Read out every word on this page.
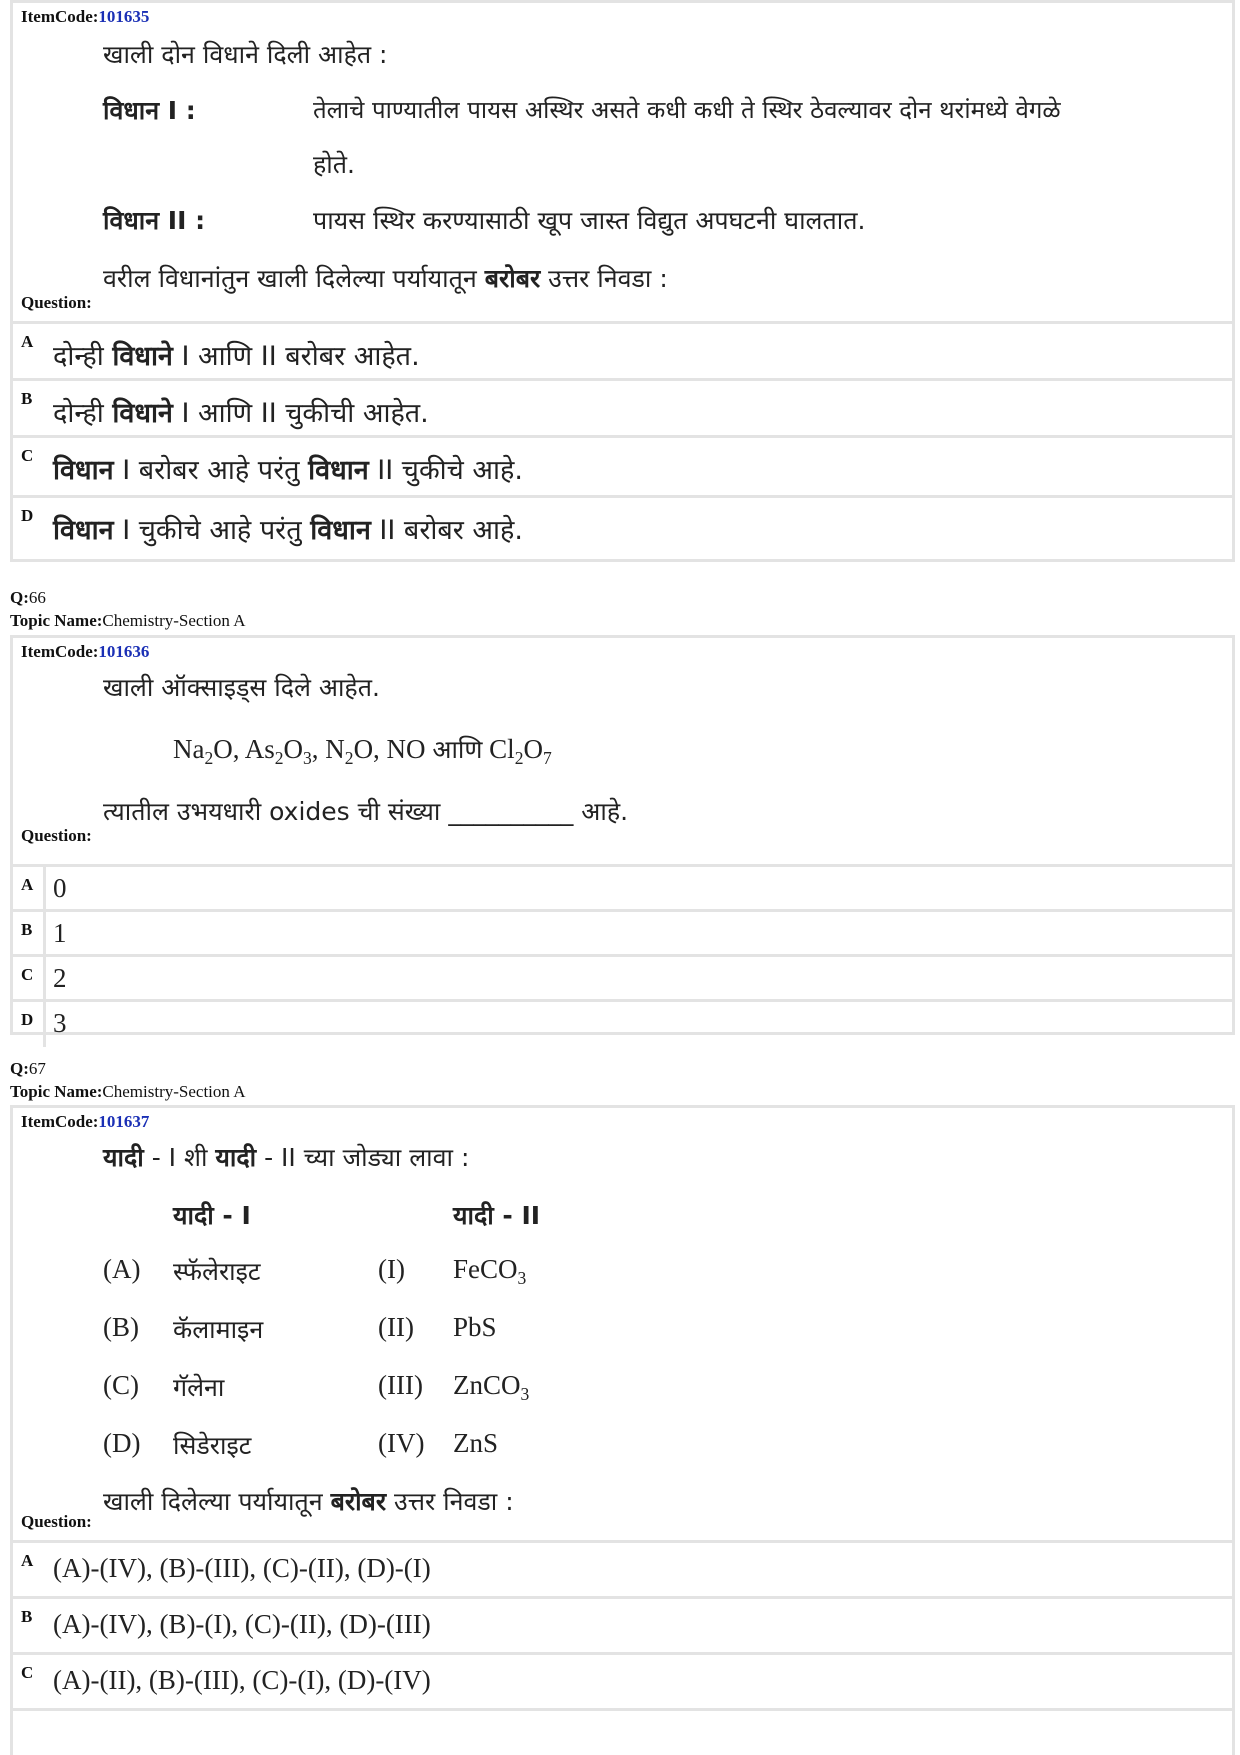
ItemCode:101635
खाली दोन विधाने दिली आहेत :
विधान I :	तेलाचे पाण्यातील पायस अस्थिर असते कधी कधी ते स्थिर ठेवल्यावर दोन थरांमध्ये वेगळे
होते.
विधान II :	पायस स्थिर करण्यासाठी खूप जास्त विद्युत अपघटनी घालतात.
वरील विधानांतुन खाली दिलेल्या पर्यायातून बरोबर उत्तर निवडा :
Question:
A दोन्ही विधाने I आणि II बरोबर आहेत.
B दोन्ही विधाने I आणि II चुकीची आहेत.
C विधान I बरोबर आहे परंतु विधान II चुकीचे आहे.
D विधान I चुकीचे आहे परंतु विधान II बरोबर आहे.
Q:66
Topic Name:Chemistry-Section A
ItemCode:101636
खाली ऑक्साइड्स दिले आहेत.
$Na_2O$, $As_2O_3$, $N_2O$, NO आणि $Cl_2O_7$
त्यातील उभयधारी oxides ची संख्या __________ आहे.
Question:
A 0
B 1
C 2
D 3
Q:67
Topic Name:Chemistry-Section A
ItemCode:101637
यादी - I शी यादी - II च्या जोड्या लावा :
यादी - I	यादी - II
(A) स्फॅलेराइट	(I) FeCO$_3$
(B) कॅलामाइन	(II) PbS
(C) गॅलेना	(III) ZnCO$_3$
(D) सिडेराइट	(IV) ZnS
खाली दिलेल्या पर्यायातून बरोबर उत्तर निवडा :
Question:
A (A)-(IV), (B)-(III), (C)-(II), (D)-(I)
B (A)-(IV), (B)-(I), (C)-(II), (D)-(III)
C (A)-(II), (B)-(III), (C)-(I), (D)-(IV)
